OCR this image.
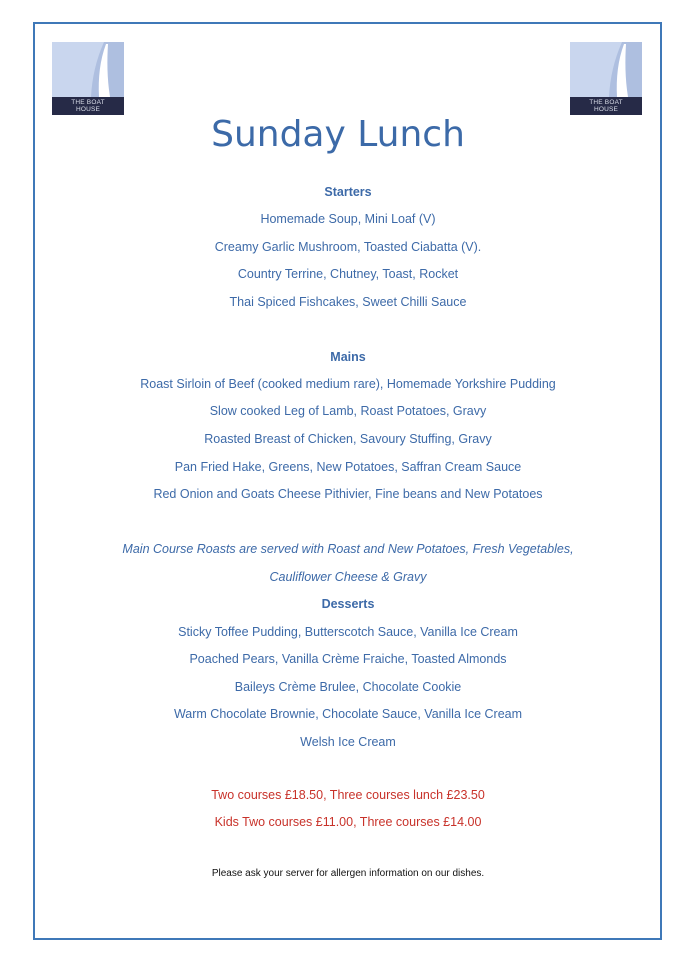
THE BOAT
HOUSE
THE BOAT
HOUSE
Sunday Lunch
Starters
Homemade Soup, Mini Loaf (V)
Creamy Garlic Mushroom, Toasted Ciabatta (V).
Country Terrine, Chutney, Toast, Rocket
Thai Spiced Fishcakes, Sweet Chilli Sauce
Mains
Roast Sirloin of Beef (cooked medium rare), Homemade Yorkshire Pudding
Slow cooked Leg of Lamb, Roast Potatoes, Gravy
Roasted Breast of Chicken, Savoury Stuffing, Gravy
Pan Fried Hake, Greens, New Potatoes, Saffran Cream Sauce
Red Onion and Goats Cheese Pithivier, Fine beans and New Potatoes
Main Course Roasts are served with Roast and New Potatoes, Fresh Vegetables,
Cauliflower Cheese & Gravy
Desserts
Sticky Toffee Pudding, Butterscotch Sauce, Vanilla Ice Cream
Poached Pears, Vanilla Crème Fraiche, Toasted Almonds
Baileys Crème Brulee, Chocolate Cookie
Warm Chocolate Brownie, Chocolate Sauce, Vanilla Ice Cream
Welsh Ice Cream
Two courses £18.50, Three courses lunch £23.50
Kids Two courses £11.00, Three courses £14.00
Please ask your server for allergen information on our dishes.
